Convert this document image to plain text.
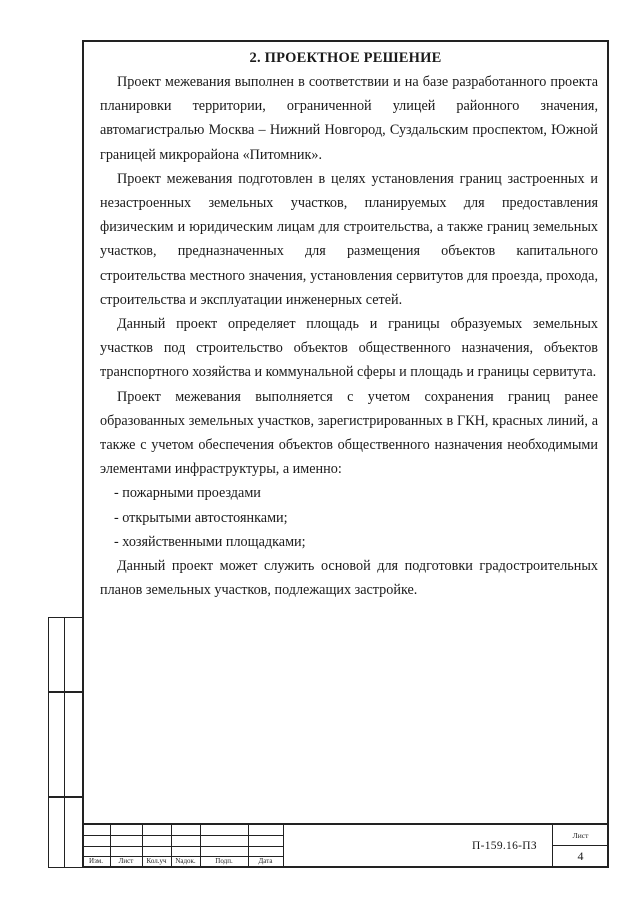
2. ПРОЕКТНОЕ РЕШЕНИЕ

Проект межевания выполнен в соответствии и на базе разработанного проекта планировки территории, ограниченной улицей районного значения, автомагистралью Москва – Нижний Новгород, Суздальским проспектом, Южной границей микрорайона «Питомник».

Проект межевания подготовлен в целях установления границ застроенных и незастроенных земельных участков, планируемых для предоставления физическим и юридическим лицам для строительства, а также границ земельных участков, предназначенных для размещения объектов капитального строительства местного значения, установления сервитутов для проезда, прохода, строительства и эксплуатации инженерных сетей.

Данный проект определяет площадь и границы образуемых земельных участков под строительство объектов общественного назначения, объектов транспортного хозяйства и коммунальной сферы и площадь и границы сервитута.

Проект межевания выполняется с учетом сохранения границ ранее образованных земельных участков, зарегистрированных в ГКН, красных линий, а также с учетом обеспечения объектов общественного назначения необходимыми элементами инфраструктуры, а именно:

- пожарными проездами

- открытыми автостоянками;

- хозяйственными площадками;

Данный проект может служить основой для подготовки градостроительных планов земельных участков, подлежащих застройке.

Изм.	Лист	Кол.уч	Nадок.	Подп.	Дата
П-159.16-ПЗ
Лист
4
